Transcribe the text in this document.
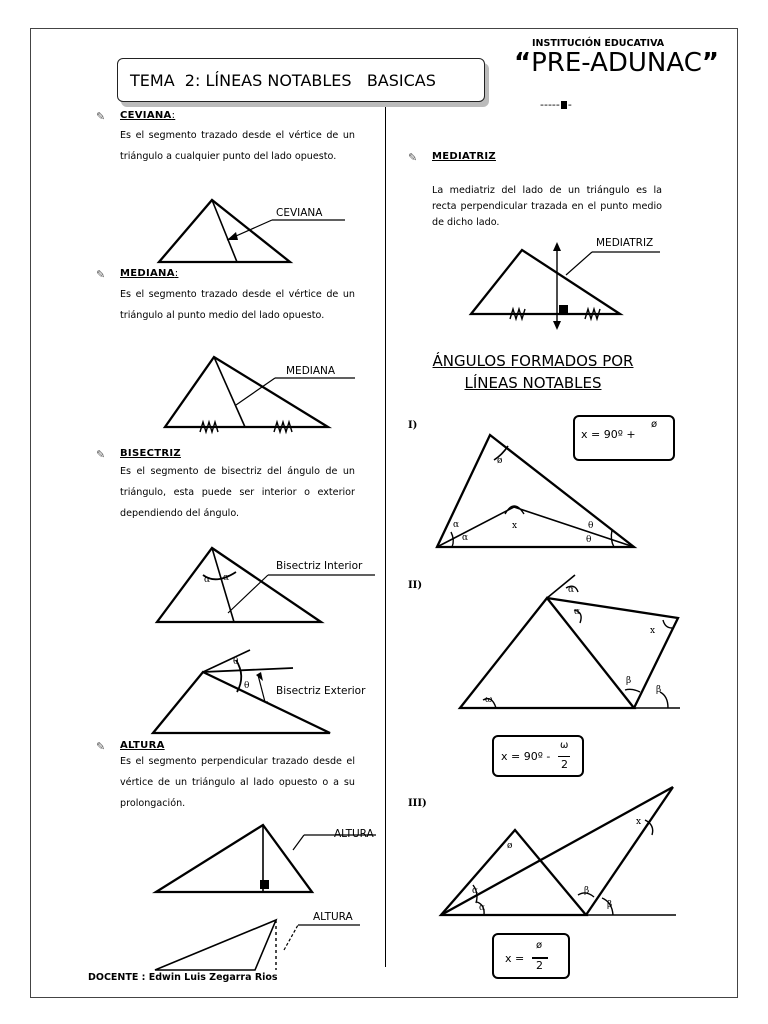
TEMA  2: LÍNEAS NOTABLES   BASICAS
INSTITUCIÓN EDUCATIVA
“PRE-ADUNAC”
----- -
✎ CEVIANA:
Es el segmento trazado desde el vértice de un triángulo a cualquier punto del lado opuesto.
✎ MEDIANA:
Es el segmento trazado desde el vértice de un triángulo al punto medio del lado opuesto.
✎ BISECTRIZ
Es el segmento de bisectriz del ángulo de un triángulo, esta puede ser interior o exterior dependiendo del ángulo.
✎ ALTURA
Es el segmento perpendicular trazado desde el vértice de un triángulo al lado opuesto o a su prolongación.
✎ MEDIATRIZ
La mediatriz del lado de un triángulo es la recta perpendicular trazada en el punto medio de dicho lado.
ÁNGULOS FORMADOS POR
LÍNEAS NOTABLES
I)
II)
III)
x = 90º +
ø
x = 90º -
ω
2
x =
ø
2
DOCENTE : Edwin Luis Zegarra Rios
CEVIANA
MEDIANA
Bisectriz Interior
Bisectriz Exterior
ALTURA
ALTURA
MEDIATRIZ
α α
θ
θ
ø
x
α
α
θ
θ
α
α
x
β
β
ω
ø
α
α
β
β
x
